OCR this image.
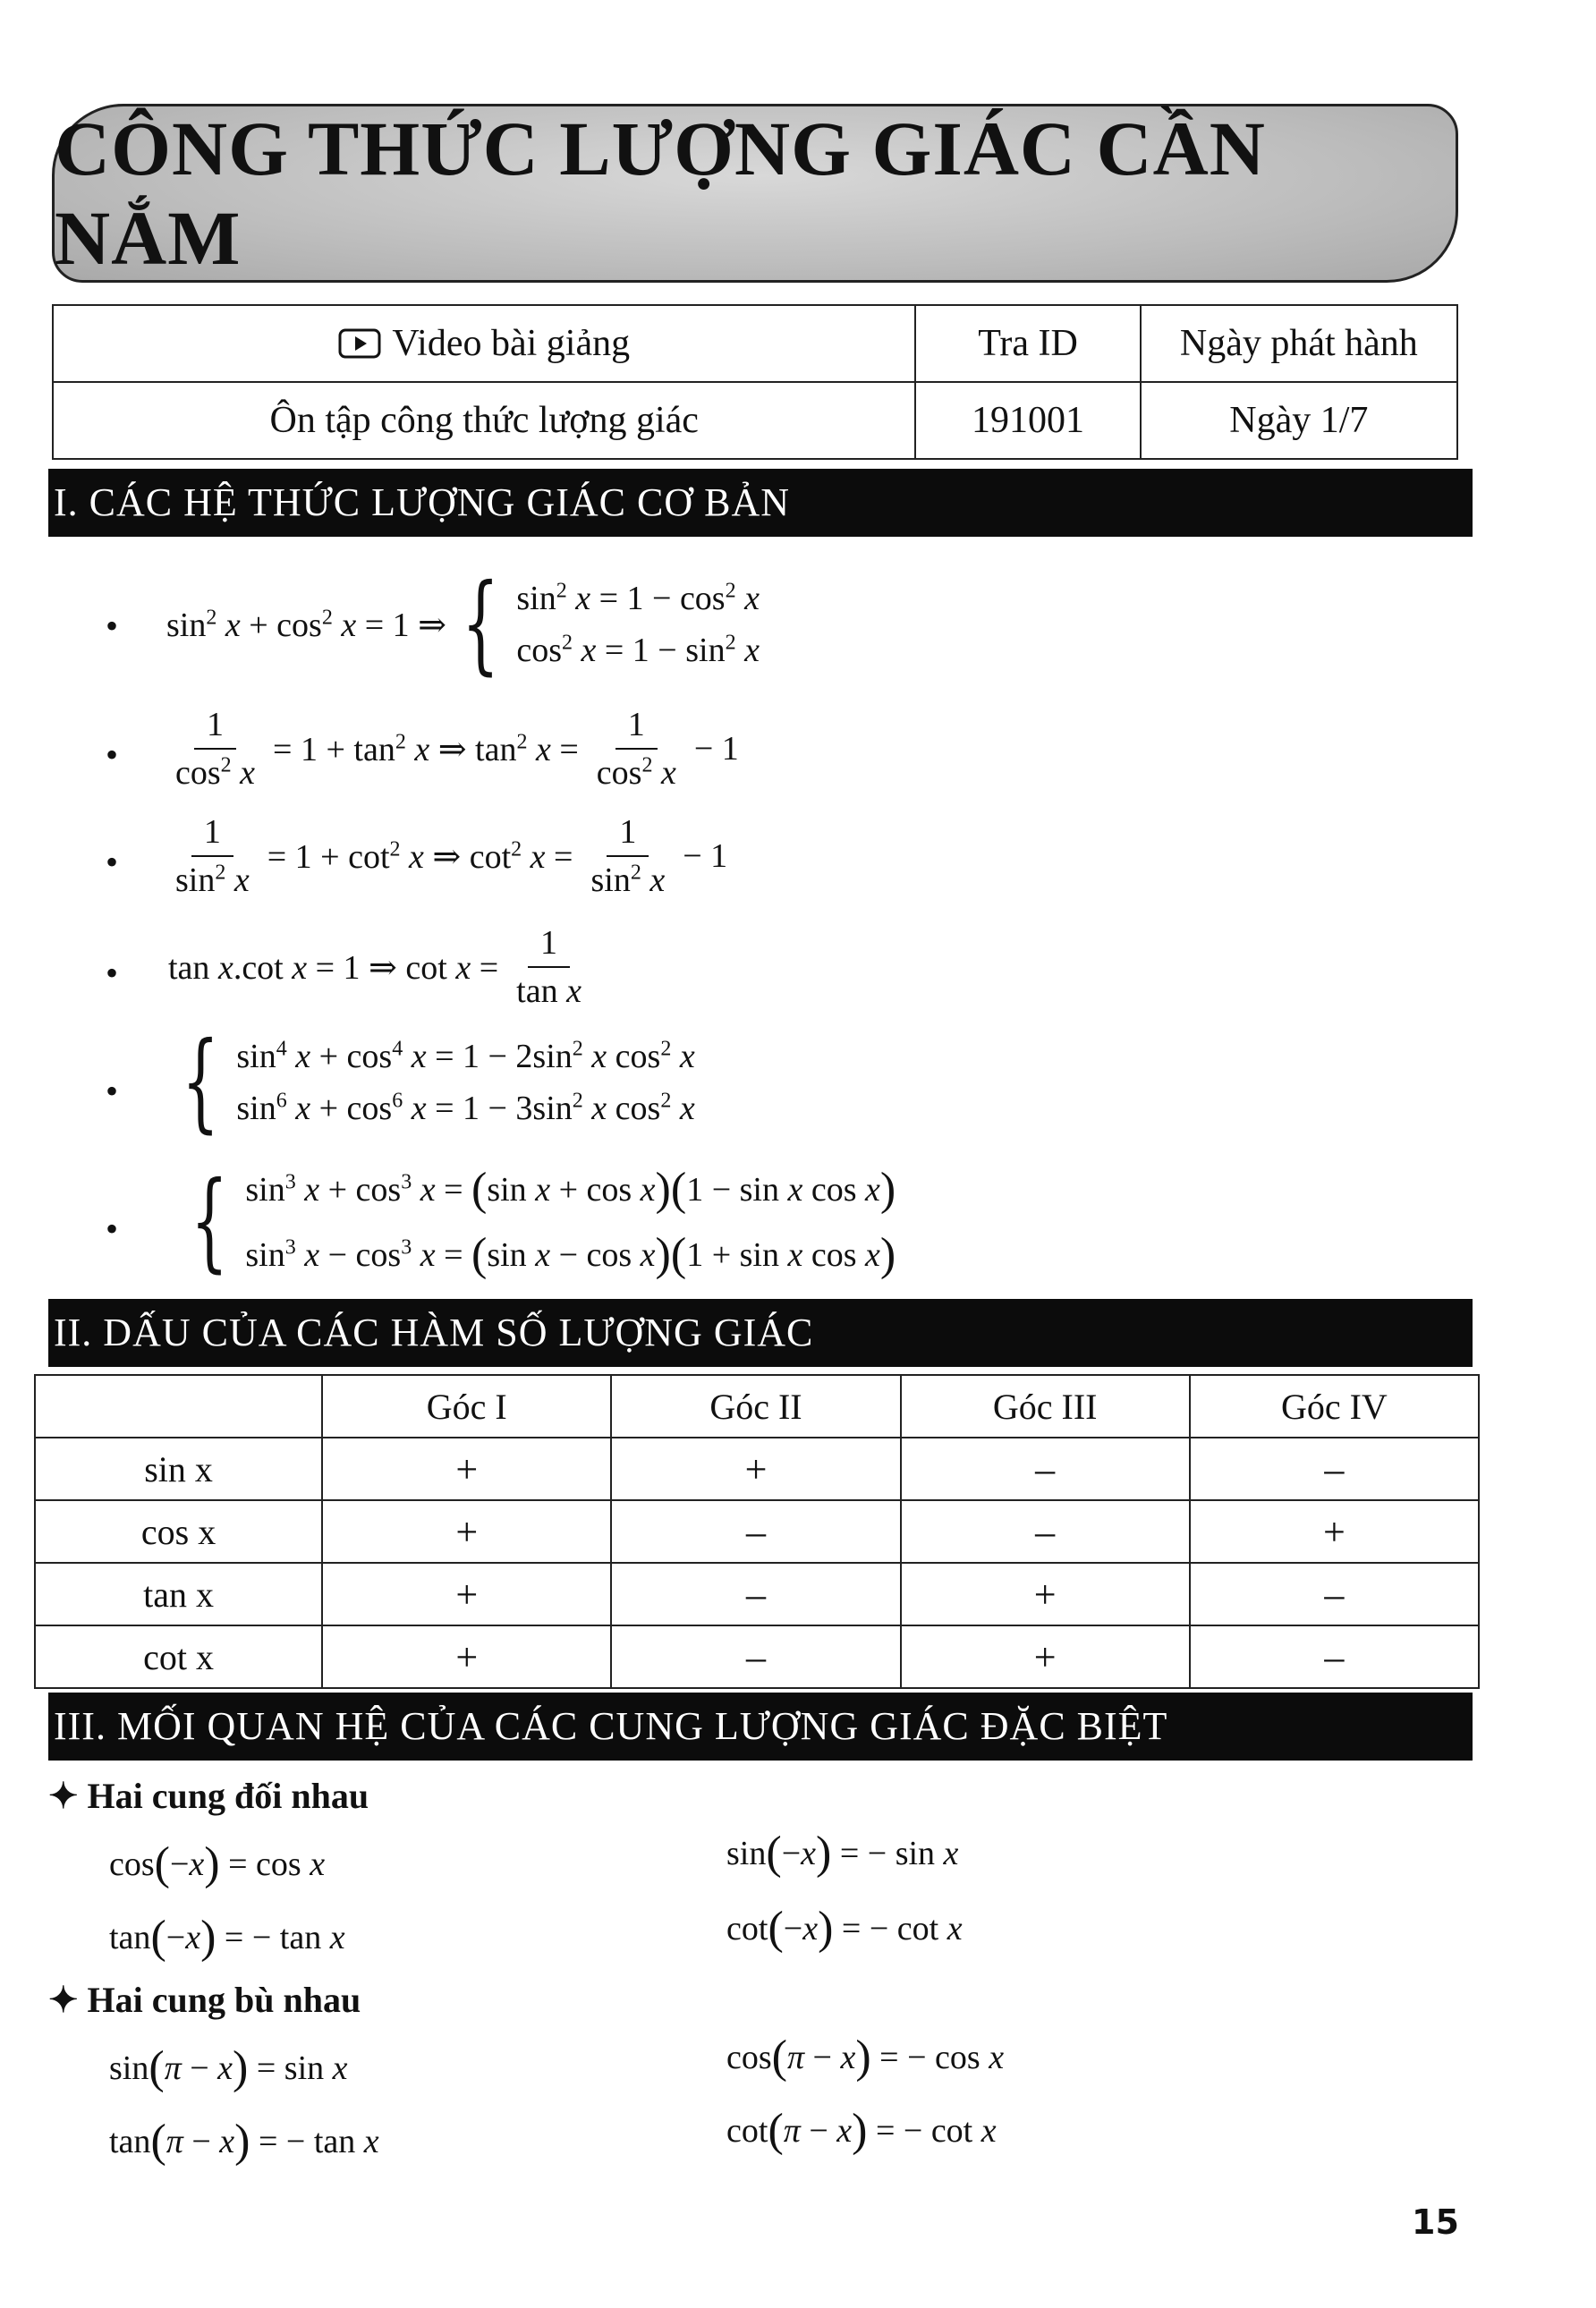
CÔNG THỨC LƯỢNG GIÁC CẦN NẮM
Video bài giảng	Tra ID	Ngày phát hành
Ôn tập công thức lượng giác	191001	Ngày 1/7
I. CÁC HỆ THỨC LƯỢNG GIÁC CƠ BẢN
•	$\sin^2 x + \cos^2 x = 1$ ⇒ { $\sin^2 x = 1 - \cos^2 x$
$\cos^2 x = 1 - \sin^2 x$
•	$\frac{1}{\cos^2 x} = 1 + \tan^2 x$ ⇒ $\tan^2 x = \frac{1}{\cos^2 x} - 1$
•	$\frac{1}{\sin^2 x} = 1 + \cot^2 x$ ⇒ $\cot^2 x = \frac{1}{\sin^2 x} - 1$
•	tan x.cot x = 1 ⇒ $\cot x = \frac{1}{\text{tan x}}$
• { $\sin^4 x + \cos^4 x = 1 - 2\sin^2$ x $\cos^2 x$
$\sin^6 x + \cos^6 x = 1 - 3\sin^2$ x $\cos^2 x$
• { $\sin^3 x + \cos^3 x = (\sin$ x + cos x)(1 − sin x cos x)
$\sin^3 x - \cos^3 x = (\sin$ x − cos x)(1 + sin x cos x)
II. DẤU CỦA CÁC HÀM SỐ LƯỢNG GIÁC
	Góc I	Góc II	Góc III	Góc IV
sin x	+	+	–	–
cos x	+	–	–	+
tan x	+	–	+	–
cot x	+	–	+	–
III. MỐI QUAN HỆ CỦA CÁC CUNG LƯỢNG GIÁC ĐẶC BIỆT
✦ Hai cung đối nhau
cos(−x) = cos x	sin(−x) = − sin x
tan(−x) = − tan x	cot(−x) = − cot x
✦ Hai cung bù nhau
sin(π − x) = sin x	cos(π − x) = − cos x
tan(π − x) = − tan x	cot(π − x) = − cot x
15
